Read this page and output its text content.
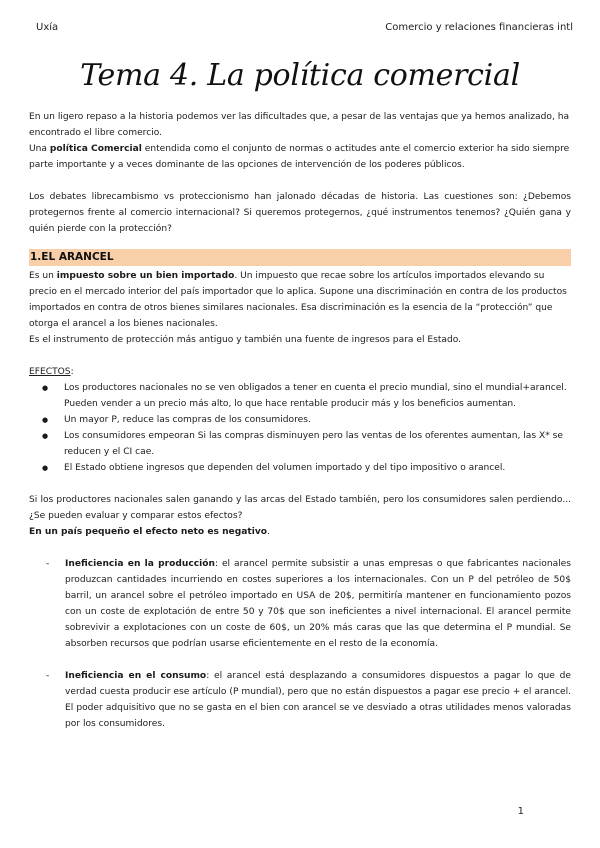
Uxía	Comercio y relaciones financieras intl
Tema 4. La política comercial

En un ligero repaso a la historia podemos ver las dificultades que, a pesar de las ventajas que ya hemos analizado, ha encontrado el libre comercio.

Una política Comercial entendida como el conjunto de normas o actitudes ante el comercio exterior ha sido siempre parte importante y a veces dominante de las opciones de intervención de los poderes públicos.

Los debates librecambismo vs proteccionismo han jalonado décadas de historia. Las cuestiones son: ¿Debemos protegernos frente al comercio internacional? Si queremos protegernos, ¿qué instrumentos tenemos? ¿Quién gana y quién pierde con la protección?

1.EL ARANCEL

Es un impuesto sobre un bien importado. Un impuesto que recae sobre los artículos importados elevando su precio en el mercado interior del país importador que lo aplica. Supone una discriminación en contra de los productos importados en contra de otros bienes similares nacionales. Esa discriminación es la esencia de la “protección” que otorga el arancel a los bienes nacionales.

Es el instrumento de protección más antiguo y también una fuente de ingresos para el Estado.

EFECTOS:

● Los productores nacionales no se ven obligados a tener en cuenta el precio mundial, sino el mundial+arancel. Pueden vender a un precio más alto, lo que hace rentable producir más y los beneficios aumentan.
● Un mayor P, reduce las compras de los consumidores.
● Los consumidores empeoran Si las compras disminuyen pero las ventas de los oferentes aumentan, las X* se reducen y el CI cae.
● El Estado obtiene ingresos que dependen del volumen importado y del tipo impositivo o arancel.

Si los productores nacionales salen ganando y las arcas del Estado también, pero los consumidores salen perdiendo... ¿Se pueden evaluar y comparar estos efectos?

En un país pequeño el efecto neto es negativo.

- Ineficiencia en la producción: el arancel permite subsistir a unas empresas o que fabricantes nacionales produzcan cantidades incurriendo en costes superiores a los internacionales. Con un P del petróleo de 50$ barril, un arancel sobre el petróleo importado en USA de 20$, permitiría mantener en funcionamiento pozos con un coste de explotación de entre 50 y 70$ que son ineficientes a nivel internacional. El arancel permite sobrevivir a explotaciones con un coste de 60$, un 20% más caras que las que determina el P mundial. Se absorben recursos que podrían usarse eficientemente en el resto de la economía.
- Ineficiencia en el consumo: el arancel está desplazando a consumidores dispuestos a pagar lo que de verdad cuesta producir ese artículo (P mundial), pero que no están dispuestos a pagar ese precio + el arancel. El poder adquisitivo que no se gasta en el bien con arancel se ve desviado a otras utilidades menos valoradas por los consumidores.
1
